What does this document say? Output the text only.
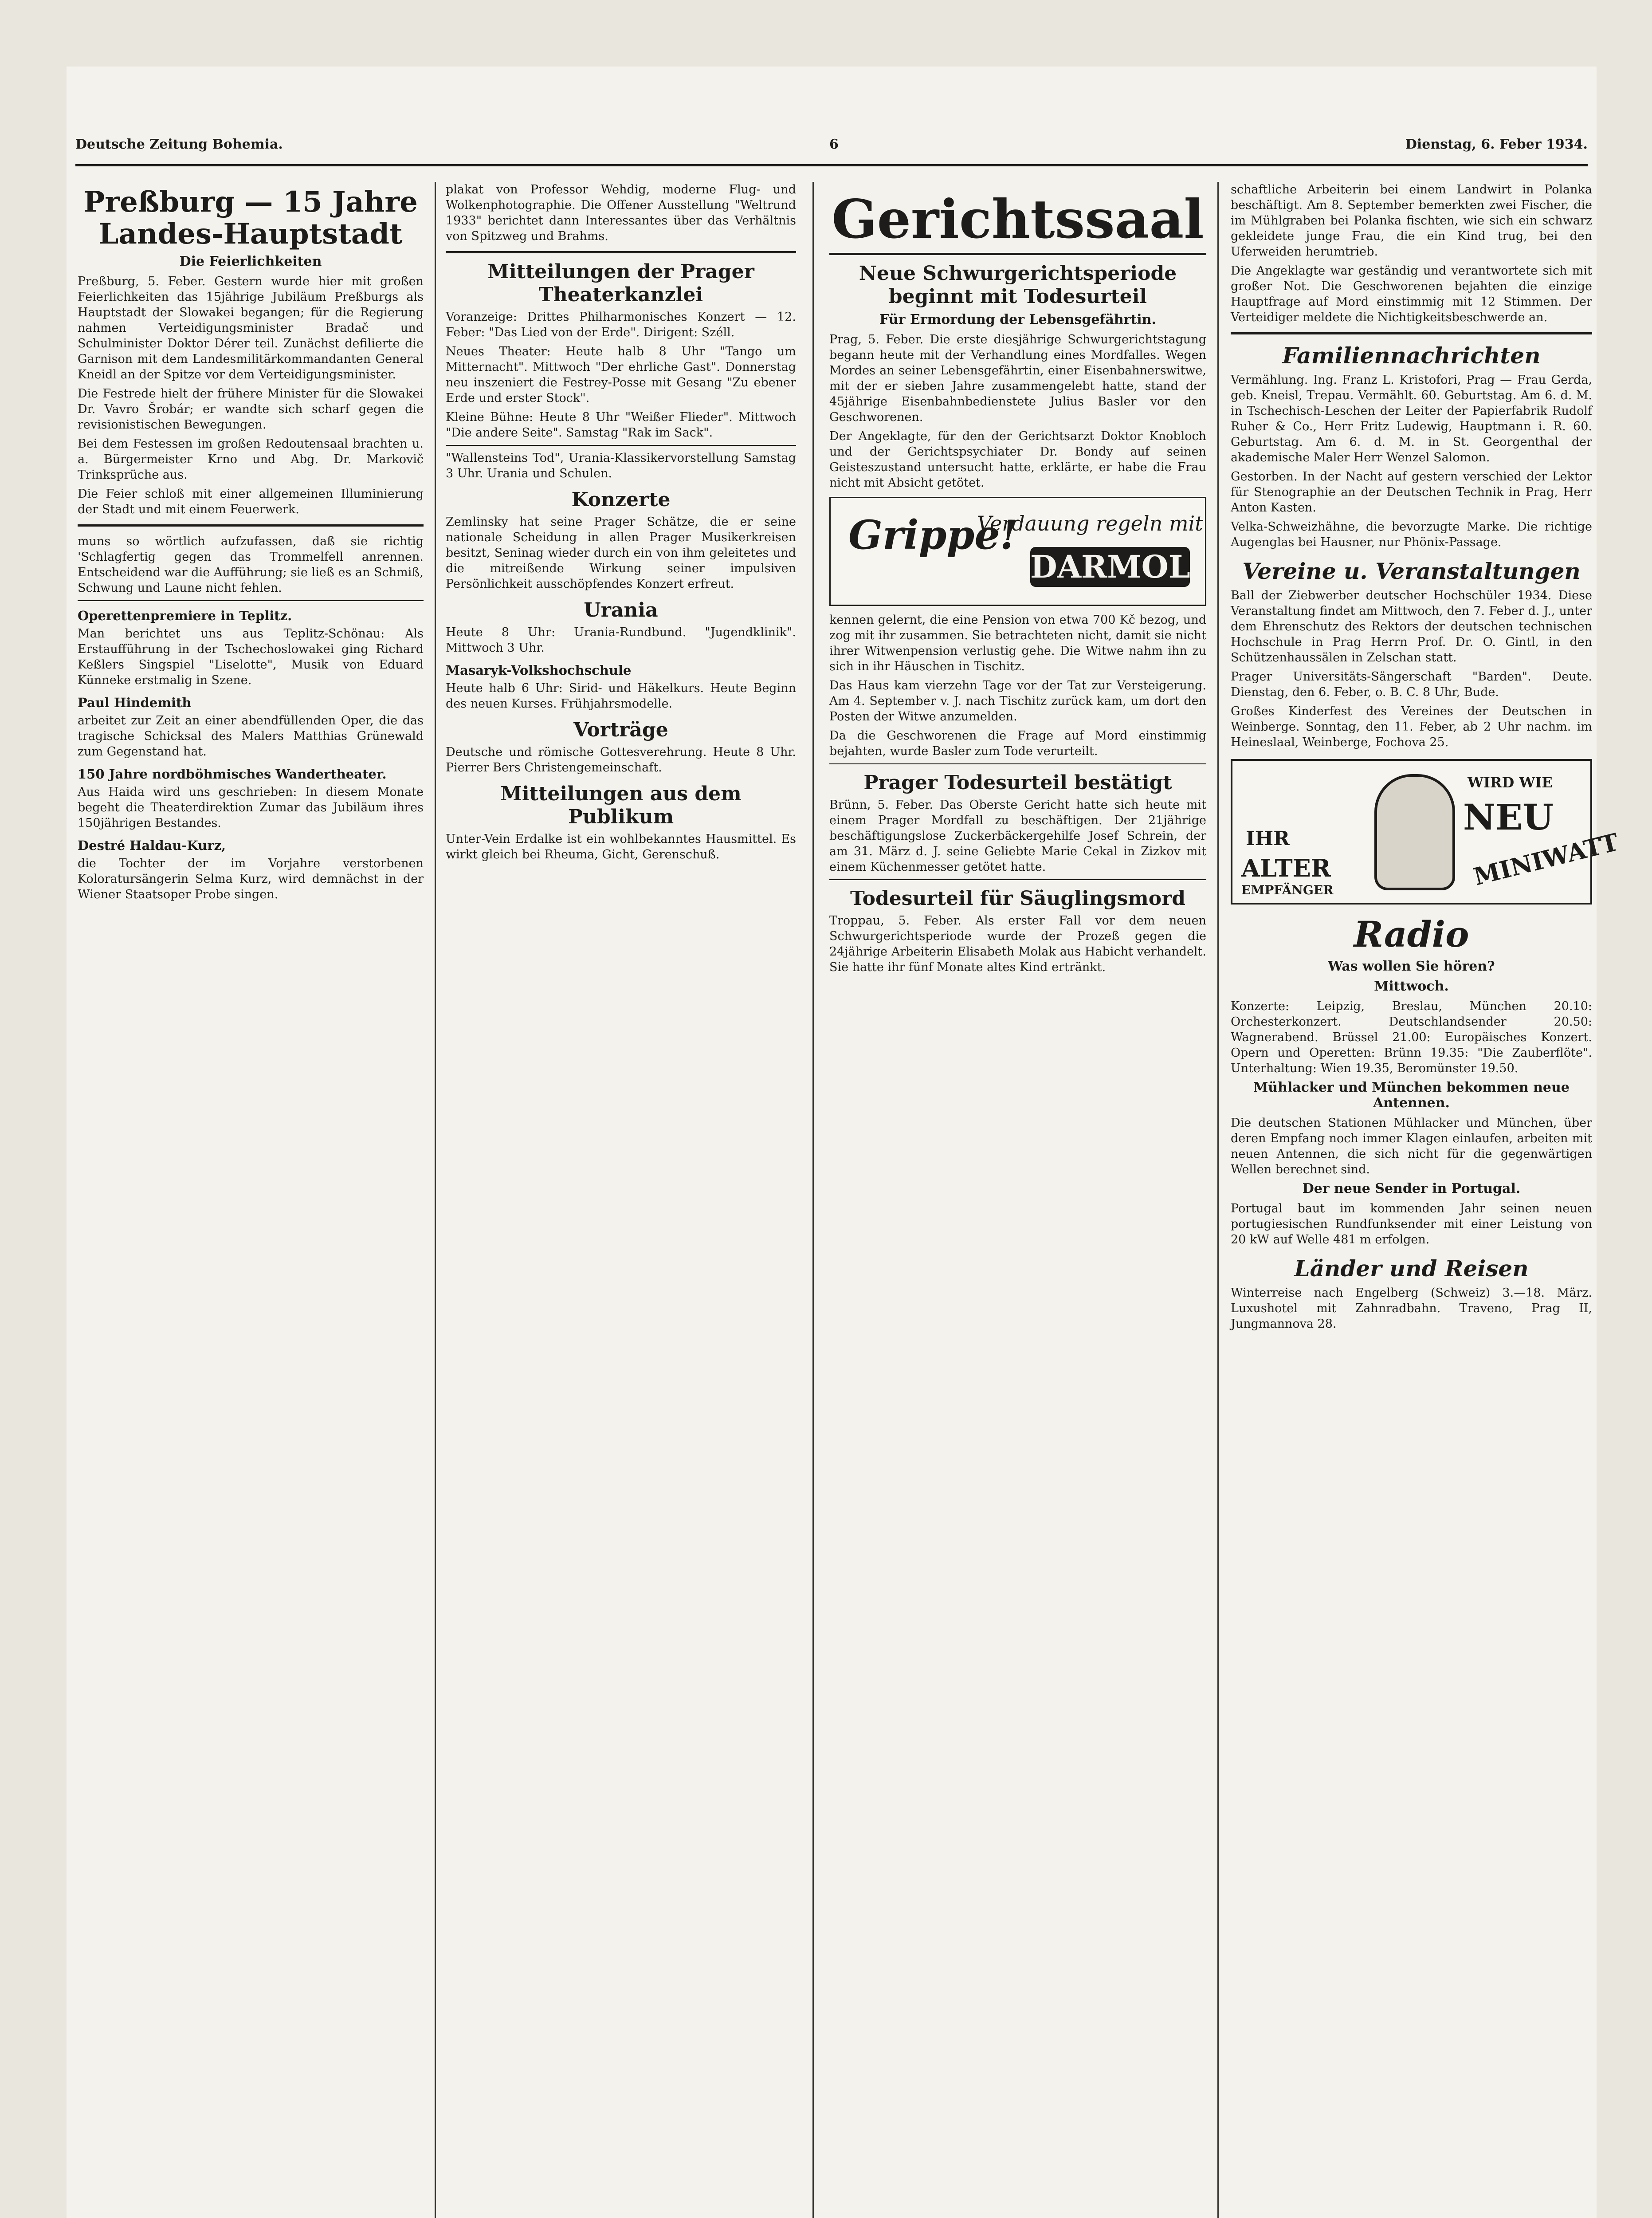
Deutsche Zeitung Bohemia.	6	Dienstag, 6. Feber 1934.
Preßburg — 15 Jahre Landes-Hauptstadt
Die Feierlichkeiten

Preßburg, 5. Feber. Gestern wurde hier mit großen Feierlichkeiten das 15jährige Jubiläum Preßburgs als Hauptstadt der Slowakei begangen; für die Regierung nahmen Verteidigungsminister Bradač und Schulminister Doktor Dérer teil. Zunächst defilierte die Garnison mit dem Landesmilitärkommandanten General Kneidl an der Spitze vor dem Verteidigungsminister.

Die Festrede hielt der frühere Minister für die Slowakei Dr. Vavro Šrobár; er wandte sich scharf gegen die revisionistischen Bewegungen.

Bei dem Festessen im großen Redoutensaal brachten u. a. Bürgermeister Krno und Abg. Dr. Markovič Trinksprüche aus.

Die Feier schloß mit einer allgemeinen Illuminierung der Stadt und mit einem Feuerwerk.

muns so wörtlich aufzufassen, daß sie richtig 'Schlagfertig gegen das Trommelfell anrennen. Entscheidend war die Aufführung; sie ließ es an Schmiß, Schwung und Laune nicht fehlen.

Operettenpremiere in Teplitz.

Man berichtet uns aus Teplitz-Schönau: Als Erstaufführung in der Tschechoslowakei ging Richard Keßlers Singspiel "Liselotte", Musik von Eduard Künneke erstmalig in Szene.

Paul Hindemith

arbeitet zur Zeit an einer abendfüllenden Oper, die das tragische Schicksal des Malers Matthias Grünewald zum Gegenstand hat.

150 Jahre nordböhmisches Wandertheater.

Aus Haida wird uns geschrieben: In diesem Monate begeht die Theaterdirektion Zumar das Jubiläum ihres 150jährigen Bestandes.

Destré Haldau-Kurz,

die Tochter der im Vorjahre verstorbenen Koloratursängerin Selma Kurz, wird demnächst in der Wiener Staatsoper Probe singen.

plakat von Professor Wehdig, moderne Flug- und Wolkenphotographie. Die Offener Ausstellung "Weltrund 1933" berichtet dann Interessantes über das Verhältnis von Spitzweg und Brahms.

Mitteilungen der Prager Theaterkanzlei

Voranzeige: Drittes Philharmonisches Konzert — 12. Feber: "Das Lied von der Erde". Dirigent: Széll.

Neues Theater: Heute halb 8 Uhr "Tango um Mitternacht". Mittwoch "Der ehrliche Gast". Donnerstag neu inszeniert die Festrey-Posse mit Gesang "Zu ebener Erde und erster Stock".

Kleine Bühne: Heute 8 Uhr "Weißer Flieder". Mittwoch "Die andere Seite". Samstag "Rak im Sack".

"Wallensteins Tod", Urania-Klassikervorstellung Samstag 3 Uhr. Urania und Schulen.

Konzerte

Zemlinsky hat seine Prager Schätze, die er seine nationale Scheidung in allen Prager Musikerkreisen besitzt, Seninag wieder durch ein von ihm geleitetes und die mitreißende Wirkung seiner impulsiven Persönlichkeit ausschöpfendes Konzert erfreut.

Urania

Heute 8 Uhr: Urania-Rundbund. "Jugendklinik". Mittwoch 3 Uhr.

Masaryk-Volkshochschule

Heute halb 6 Uhr: Sirid- und Häkelkurs. Heute Beginn des neuen Kurses. Frühjahrsmodelle.

Vorträge

Deutsche und römische Gottesverehrung. Heute 8 Uhr. Pierrer Bers Christengemeinschaft.

Mitteilungen aus dem Publikum

Unter-Vein Erdalke ist ein wohlbekanntes Hausmittel. Es wirkt gleich bei Rheuma, Gicht, Gerenschuß.

Gerichtssaal
Neue Schwurgerichtsperiode beginnt mit Todesurteil
Für Ermordung der Lebensgefährtin.

Prag, 5. Feber. Die erste diesjährige Schwurgerichtstagung begann heute mit der Verhandlung eines Mordfalles. Wegen Mordes an seiner Lebensgefährtin, einer Eisenbahnerswitwe, mit der er sieben Jahre zusammengelebt hatte, stand der 45jährige Eisenbahnbedienstete Julius Basler vor den Geschworenen.

Der Angeklagte, für den der Gerichtsarzt Doktor Knobloch und der Gerichtspsychiater Dr. Bondy auf seinen Geisteszustand untersucht hatte, erklärte, er habe die Frau nicht mit Absicht getötet.

Grippe!
Verdauung regeln mit
DARMOL

kennen gelernt, die eine Pension von etwa 700 Kč bezog, und zog mit ihr zusammen. Sie betrachteten nicht, damit sie nicht ihrer Witwenpension verlustig gehe. Die Witwe nahm ihn zu sich in ihr Häuschen in Tischitz.

Das Haus kam vierzehn Tage vor der Tat zur Versteigerung. Am 4. September v. J. nach Tischitz zurück kam, um dort den Posten der Witwe anzumelden.

Da die Geschworenen die Frage auf Mord einstimmig bejahten, wurde Basler zum Tode verurteilt.

Prager Todesurteil bestätigt

Brünn, 5. Feber. Das Oberste Gericht hatte sich heute mit einem Prager Mordfall zu beschäftigen. Der 21jährige beschäftigungslose Zuckerbäckergehilfe Josef Schrein, der am 31. März d. J. seine Geliebte Marie Cekal in Zizkov mit einem Küchenmesser getötet hatte.

Todesurteil für Säuglingsmord

Troppau, 5. Feber. Als erster Fall vor dem neuen Schwurgerichtsperiode wurde der Prozeß gegen die 24jährige Arbeiterin Elisabeth Molak aus Habicht verhandelt. Sie hatte ihr fünf Monate altes Kind ertränkt.

schaftliche Arbeiterin bei einem Landwirt in Polanka beschäftigt. Am 8. September bemerkten zwei Fischer, die im Mühlgraben bei Polanka fischten, wie sich ein schwarz gekleidete junge Frau, die ein Kind trug, bei den Uferweiden herumtrieb.

Die Angeklagte war geständig und verantwortete sich mit großer Not. Die Geschworenen bejahten die einzige Hauptfrage auf Mord einstimmig mit 12 Stimmen. Der Verteidiger meldete die Nichtigkeitsbeschwerde an.

Familiennachrichten

Vermählung. Ing. Franz L. Kristofori, Prag — Frau Gerda, geb. Kneisl, Trepau. Vermählt. 60. Geburtstag. Am 6. d. M. in Tschechisch-Leschen der Leiter der Papierfabrik Rudolf Ruher & Co., Herr Fritz Ludewig, Hauptmann i. R. 60. Geburtstag. Am 6. d. M. in St. Georgenthal der akademische Maler Herr Wenzel Salomon.

Gestorben. In der Nacht auf gestern verschied der Lektor für Stenographie an der Deutschen Technik in Prag, Herr Anton Kasten.

Velka-Schweizhähne, die bevorzugte Marke. Die richtige Augenglas bei Hausner, nur Phönix-Passage.

Vereine u. Veranstaltungen

Ball der Ziebwerber deutscher Hochschüler 1934. Diese Veranstaltung findet am Mittwoch, den 7. Feber d. J., unter dem Ehrenschutz des Rektors der deutschen technischen Hochschule in Prag Herrn Prof. Dr. O. Gintl, in den Schützenhaussälen in Zelschan statt.

Prager Universitäts-Sängerschaft "Barden". Deute. Dienstag, den 6. Feber, o. B. C. 8 Uhr, Bude.

Großes Kinderfest des Vereines der Deutschen in Weinberge. Sonntag, den 11. Feber, ab 2 Uhr nachm. im Heineslaal, Weinberge, Fochova 25.

IHR
ALTER
EMPFÄNGER
WIRD WIE
NEU
MINIWATT
Radio
Was wollen Sie hören?
Mittwoch.

Konzerte: Leipzig, Breslau, München 20.10: Orchesterkonzert. Deutschlandsender 20.50: Wagnerabend. Brüssel 21.00: Europäisches Konzert. Opern und Operetten: Brünn 19.35: "Die Zauberflöte". Unterhaltung: Wien 19.35, Beromünster 19.50.

Mühlacker und München bekommen neue Antennen.

Die deutschen Stationen Mühlacker und München, über deren Empfang noch immer Klagen einlaufen, arbeiten mit neuen Antennen, die sich nicht für die gegenwärtigen Wellen berechnet sind.

Der neue Sender in Portugal.

Portugal baut im kommenden Jahr seinen neuen portugiesischen Rundfunksender mit einer Leistung von 20 kW auf Welle 481 m erfolgen.

Länder und Reisen

Winterreise nach Engelberg (Schweiz) 3.—18. März. Luxushotel mit Zahnradbahn. Traveno, Prag II, Jungmannova 28.
